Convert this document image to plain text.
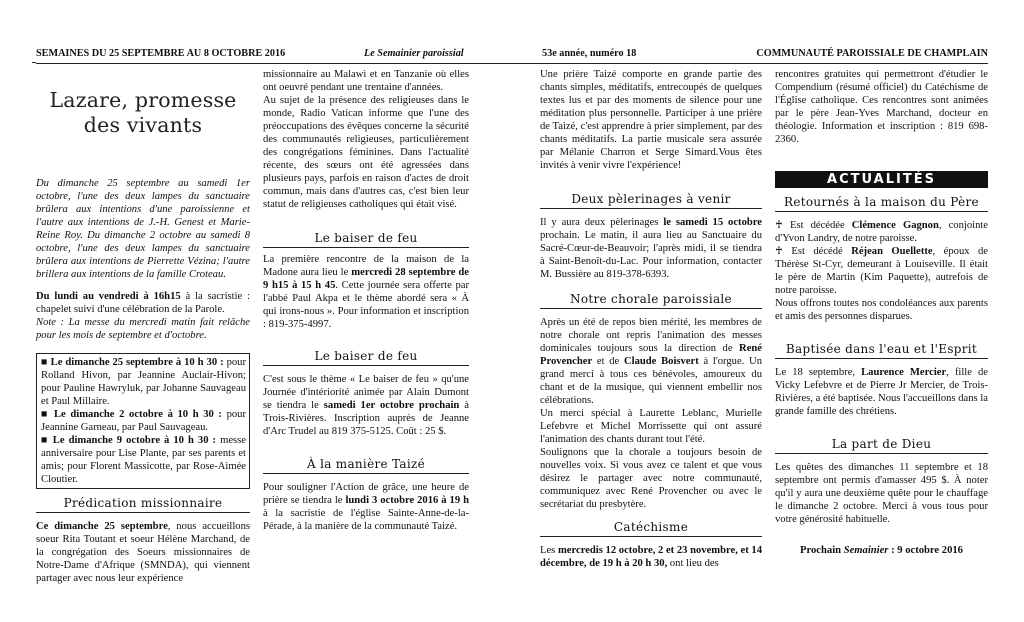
SEMAINES DU 25 SEPTEMBRE AU 8 OCTOBRE 2016	Le Semainier paroissial	53e année, numéro 18	COMMUNAUTÉ PAROISSIALE DE CHAMPLAIN
Lazare, promesse
des vivants

Du dimanche 25 septembre au samedi 1er octobre, l'une des deux lampes du sanctuaire brûlera aux intentions d'une paroissienne et l'autre aux intentions de J.-H. Genest et Marie-Reine Roy. Du dimanche 2 octobre au samedi 8 octobre, l'une des deux lampes du sanctuaire brûlera aux intentions de Pierrette Vézina; l'autre brillera aux intentions de la famille Croteau.

Du lundi au vendredi à 16h15 à la sacristie : chapelet suivi d'une célébration de la Parole.

Note : La messe du mercredi matin fait relâche pour les mois de septembre et d'octobre.

■ Le dimanche 25 septembre à 10 h 30 : pour Rolland Hivon, par Jeannine Auclair-Hivon; pour Pauline Hawryluk, par Johanne Sauvageau et Paul Millaire.

■ Le dimanche 2 octobre à 10 h 30 : pour Jeannine Garneau, par Paul Sauvageau.

■ Le dimanche 9 octobre à 10 h 30 : messe anniversaire pour Lise Plante, par ses parents et amis; pour Florent Massicotte, par Rose-Aimée Cloutier.

Prédication missionnaire

Ce dimanche 25 septembre, nous accueillons soeur Rita Toutant et soeur Hélène Marchand, de la congrégation des Soeurs missionnaires de Notre-Dame d'Afrique (SMNDA), qui viennent partager avec nous leur expérience

missionnaire au Malawi et en Tanzanie où elles ont oeuvré pendant une trentaine d'années.

Au sujet de la présence des religieuses dans le monde, Radio Vatican informe que l'une des préoccupations des évêques concerne la sécurité des communautés religieuses, particulièrement des congrégations féminines. Dans l'actualité récente, des sœurs ont été agressées dans plusieurs pays, parfois en raison d'actes de droit commun, mais dans d'autres cas, c'est bien leur statut de religieuses catholiques qui était visé.

Le baiser de feu

La première rencontre de la maison de la Madone aura lieu le mercredi 28 septembre de 9 h15 à 15 h 45. Cette journée sera offerte par l'abbé Paul Akpa et le thème abordé sera « À qui irons-nous ». Pour information et inscription : 819-375-4997.

Le baiser de feu

C'est sous le thème « Le baiser de feu » qu'une Journée d'intériorité animée par Alain Dumont se tiendra le samedi 1er octobre prochain à Trois-Rivières. Inscription auprès de Jeanne d'Arc Trudel au 819 375-5125. Coût : 25 $.

À la manière Taizé

Pour souligner l'Action de grâce, une heure de prière se tiendra le lundi 3 octobre 2016 à 19 h à la sacristie de l'église Sainte-Anne-de-la-Pérade, à la manière de la communauté Taizé.

Une prière Taizé comporte en grande partie des chants simples, méditatifs, entrecoupés de quelques textes lus et par des moments de silence pour une méditation plus personnelle. Participer à une prière de Taizé, c'est apprendre à prier simplement, par des chants méditatifs. La partie musicale sera assurée par Mélanie Charron et Serge Simard.Vous êtes invités à venir vivre l'expérience!

Deux pèlerinages à venir

Il y aura deux pèlerinages le samedi 15 octobre prochain. Le matin, il aura lieu au Sanctuaire du Sacré-Cœur-de-Beauvoir; l'après midi, il se tiendra à Saint-Benoît-du-Lac. Pour information, contacter M. Bussière au 819-378-6393.

Notre chorale paroissiale

Après un été de repos bien mérité, les membres de notre chorale ont repris l'animation des messes dominicales toujours sous la direction de René Provencher et de Claude Boisvert à l'orgue. Un grand merci à tous ces bénévoles, amoureux du chant et de la musique, qui viennent embellir nos célébrations.

Un merci spécial à Laurette Leblanc, Murielle Lefebvre et Michel Morrissette qui ont assuré l'animation des chants durant tout l'été.

Soulignons que la chorale a toujours besoin de nouvelles voix. Si vous avez ce talent et que vous désirez le partager avec notre communauté, communiquez avec René Provencher ou avec le secrétariat du presbytère.

Catéchisme

Les mercredis 12 octobre, 2 et 23 novembre, et 14 décembre, de 19 h à 20 h 30, ont lieu des

rencontres gratuites qui permettront d'étudier le Compendium (résumé officiel) du Catéchisme de l'Église catholique. Ces rencontres sont animées par le père Jean-Yves Marchand, docteur en théologie. Information et inscription : 819 698-2360.

ACTUALITÉS
Retournés à la maison du Père

♰ Est décédée Clémence Gagnon, conjointe d'Yvon Landry, de notre paroisse.

♰ Est décédé Réjean Ouellette, époux de Thérèse St-Cyr, demeurant à Louiseville. Il était le père de Martin (Kim Paquette), autrefois de notre paroisse.

Nous offrons toutes nos condoléances aux parents et amis des personnes disparues.

Baptisée dans l'eau et l'Esprit

Le 18 septembre, Laurence Mercier, fille de Vicky Lefebvre et de Pierre Jr Mercier, de Trois-Rivières, a été baptisée. Nous l'accueillons dans la grande famille des chrétiens.

La part de Dieu

Les quêtes des dimanches 11 septembre et 18 septembre ont permis d'amasser 495 $. À noter qu'il y aura une deuxième quête pour le chauffage le dimanche 2 octobre. Merci à vous tous pour votre générosité habituelle.

Prochain Semainier : 9 octobre 2016
